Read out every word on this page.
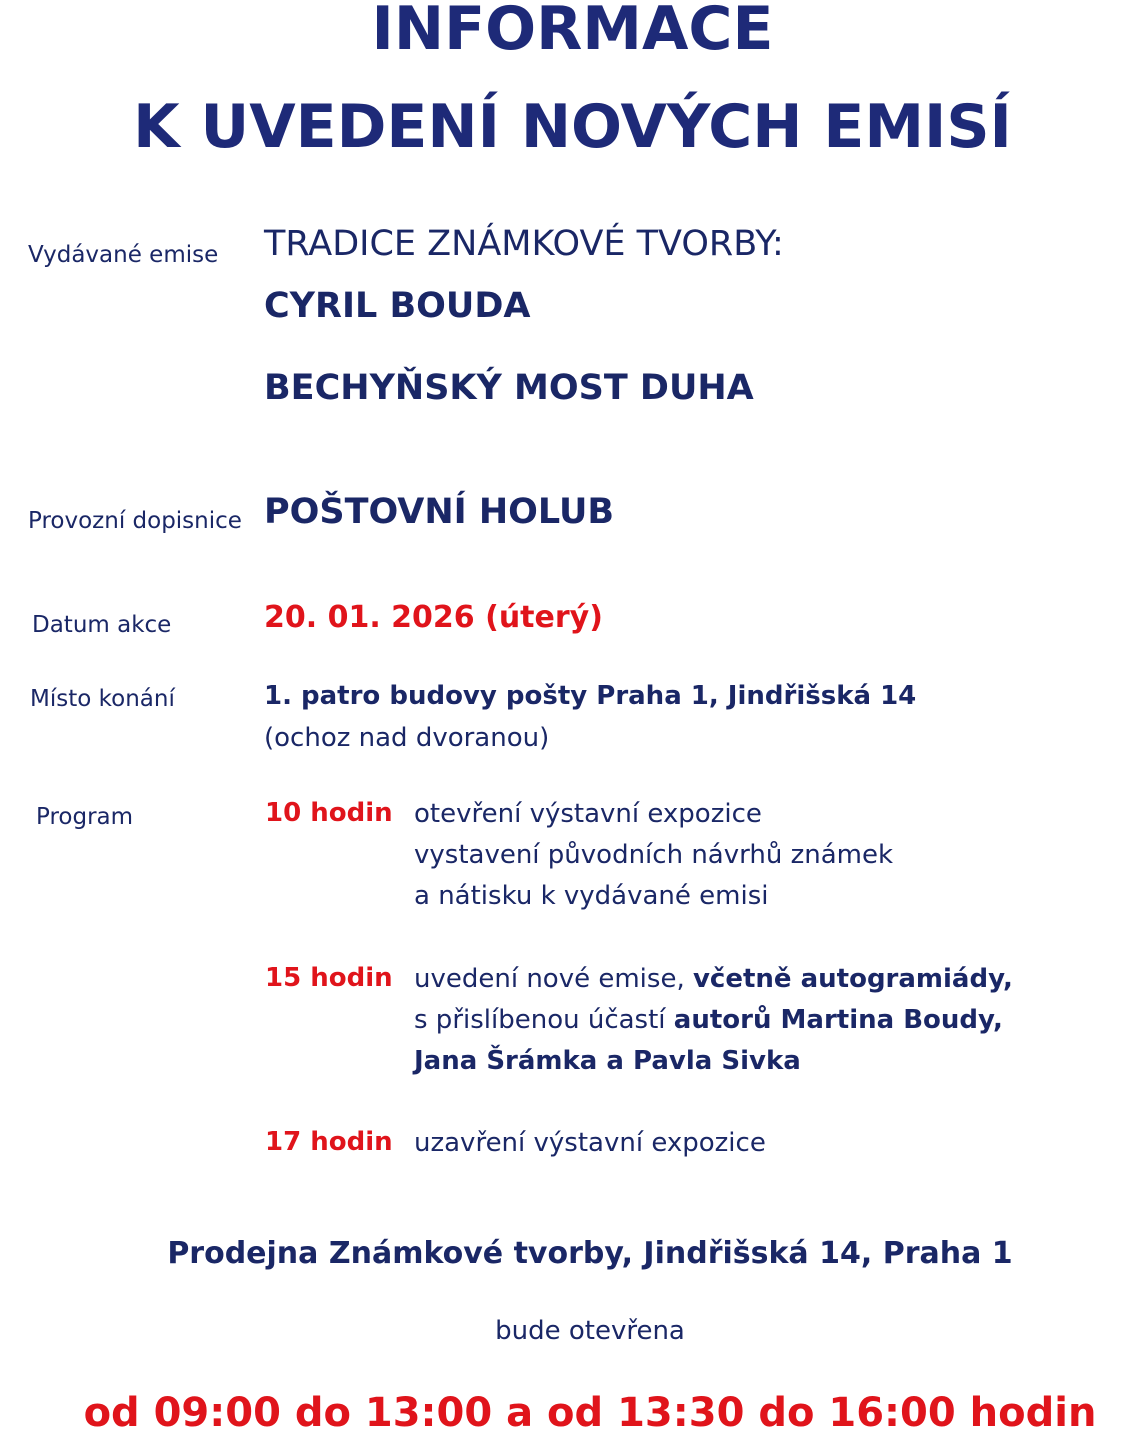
INFORMACE
K UVEDENÍ NOVÝCH EMISÍ
Vydávané emise TRADICE ZNÁMKOVÉ TVORBY:
CYRIL BOUDA
BECHYŇSKÝ MOST DUHA
Provozní dopisnice POŠTOVNÍ HOLUB
Datum akce	20. 01. 2026 (úterý)
Místo konání	1. patro budovy pošty Praha 1, Jindřišská 14
(ochoz nad dvoranou)
Program	10 hodin otevření výstavní expozice
vystavení původních návrhů známek
a nátisku k vydávané emisi
15 hodin uvedení nové emise, včetně autogramiády,
s přislíbenou účastí autorů Martina Boudy,
Jana Šrámka a Pavla Sivka
17 hodin uzavření výstavní expozice
Prodejna Známkové tvorby, Jindřišská 14, Praha 1
bude otevřena
od 09:00 do 13:00 a od 13:30 do 16:00 hodin
